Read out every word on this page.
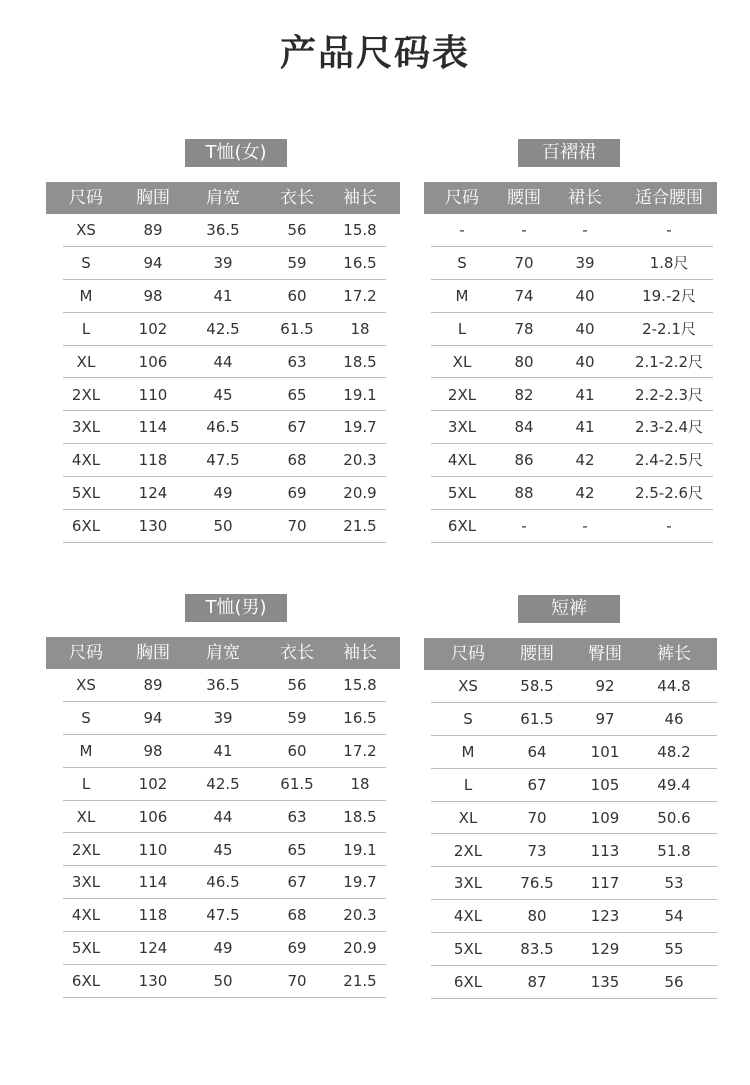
产品尺码表
T恤(女)
尺码 胸围 肩宽 衣长 袖长
XS	89	36.5	56 15.8
S	94	39	59 16.5
M	98	41	60 17.2
L	102	42.5	61.5 18
XL	106	44	63 18.5
2XL	110	45	65 19.1
3XL	114	46.5	67 19.7
4XL	118	47.5	68 20.3
5XL	124	49	69 20.9
6XL	130	50	70 21.5
百褶裙
尺码 腰围 裙长 适合腰围
-	-	-	-
S	70	39	1.8尺
M	74	40	19.-2尺
L	78	40	2-2.1尺
XL	80	40	2.1-2.2尺
2XL	82	41	2.2-2.3尺
3XL	84	41	2.3-2.4尺
4XL	86	42	2.4-2.5尺
5XL	88	42	2.5-2.6尺
6XL	-	-	-
T恤(男)
尺码 胸围 肩宽 衣长 袖长
XS	89	36.5	56 15.8
S	94	39	59 16.5
M	98	41	60 17.2
L	102	42.5	61.5 18
XL	106	44	63 18.5
2XL	110	45	65 19.1
3XL	114	46.5	67 19.7
4XL	118	47.5	68 20.3
5XL	124	49	69 20.9
6XL	130	50	70 21.5
短裤
尺码 腰围 臀围 裤长
XS	58.5	92	44.8
S	61.5	97	46
M	64	101	48.2
L	67	105	49.4
XL	70	109	50.6
2XL	73	113	51.8
3XL	76.5 117	53
4XL	80	123	54
5XL	83.5 129	55
6XL	87	135	56
